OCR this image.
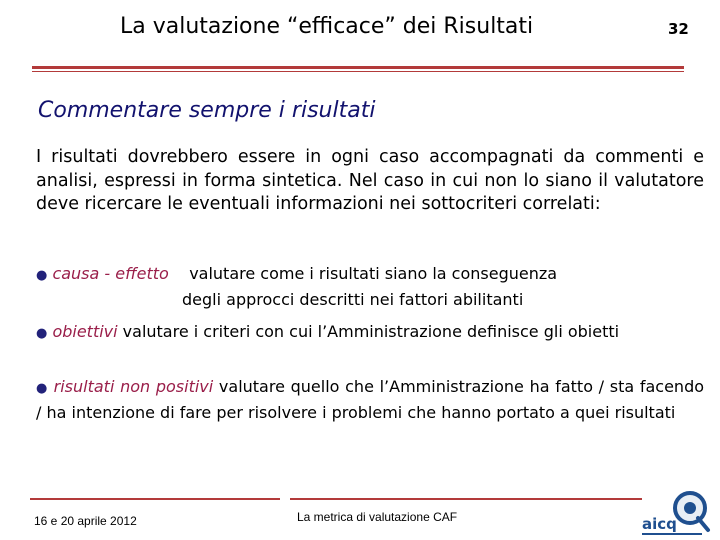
La valutazione “efficace” dei Risultati	32
Commentare sempre i risultati

I risultati dovrebbero essere in ogni caso accompagnati da commenti e analisi, espressi in forma sintetica. Nel caso in cui non lo siano il valutatore deve ricercare le eventuali informazioni nei sottocriteri correlati:

● causa - effetto valutare come i risultati siano la conseguenza
degli approcci descritti nei fattori abilitanti
● obiettivi valutare i criteri con cui l’Amministrazione definisce gli obietti
● risultati non positivi valutare quello che l’Amministrazione ha fatto / sta facendo / ha intenzione di fare per risolvere i problemi che hanno portato a quei risultati
16 e 20 aprile 2012	La metrica di valutazione CAF	aicq
